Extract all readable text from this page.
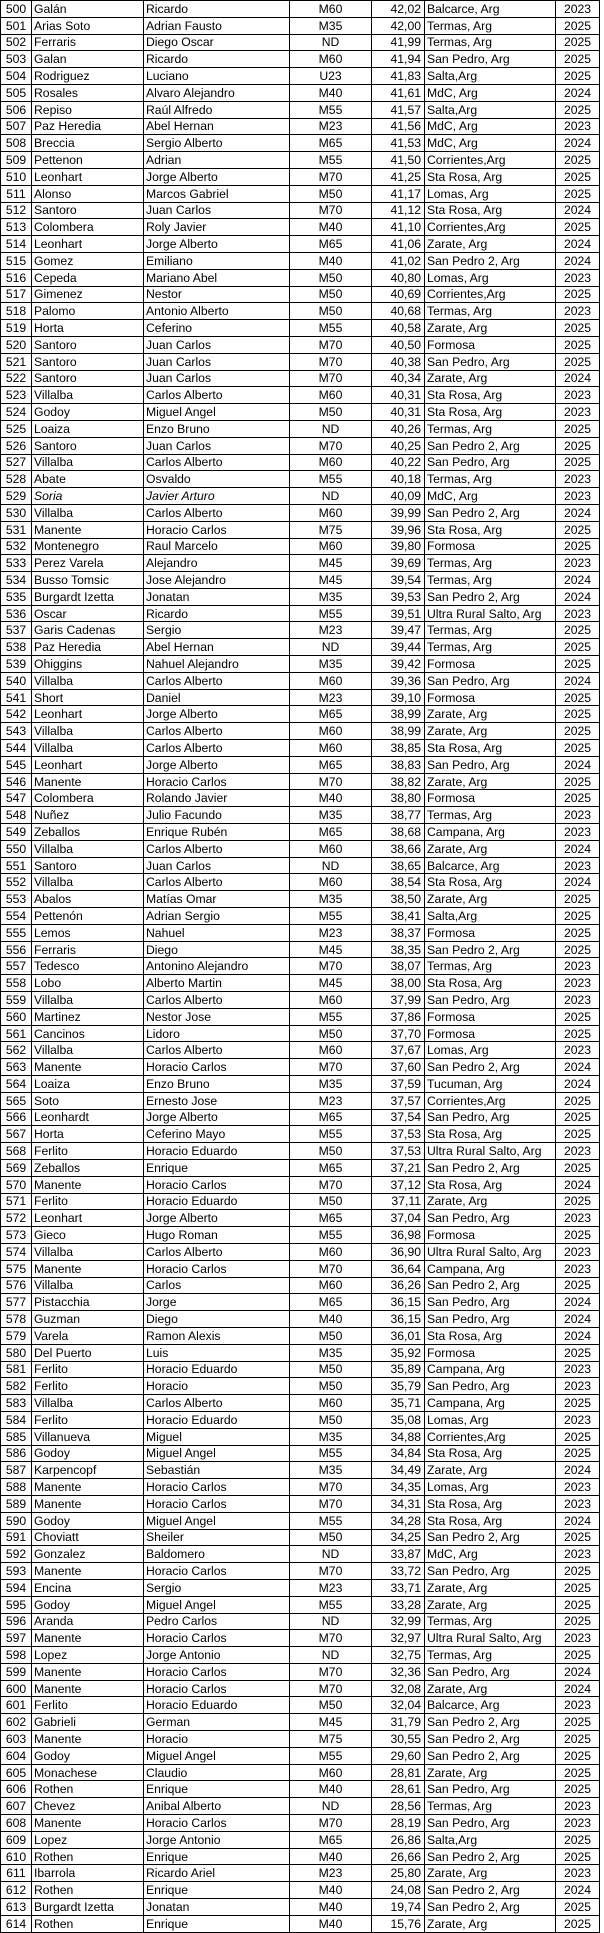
500	Galán	Ricardo	M60	42,02	Balcarce, Arg	2023
501	Arias Soto	Adrian Fausto	M35	42,00	Termas, Arg	2025
502	Ferraris	Diego Oscar	ND	41,99	Termas, Arg	2025
503	Galan	Ricardo	M60	41,94	San Pedro, Arg	2025
504	Rodriguez	Luciano	U23	41,83	Salta,Arg	2025
505	Rosales	Alvaro Alejandro	M40	41,61	MdC, Arg	2024
506	Repiso	Raúl Alfredo	M55	41,57	Salta,Arg	2025
507	Paz Heredia	Abel Hernan	M23	41,56	MdC, Arg	2023
508	Breccia	Sergio Alberto	M65	41,53	MdC, Arg	2024
509	Pettenon	Adrian	M55	41,50	Corrientes,Arg	2025
510	Leonhart	Jorge Alberto	M70	41,25	Sta Rosa, Arg	2025
511	Alonso	Marcos Gabriel	M50	41,17	Lomas, Arg	2025
512	Santoro	Juan Carlos	M70	41,12	Sta Rosa, Arg	2024
513	Colombera	Roly Javier	M40	41,10	Corrientes,Arg	2025
514	Leonhart	Jorge Alberto	M65	41,06	Zarate, Arg	2024
515	Gomez	Emiliano	M40	41,02	San Pedro 2, Arg	2024
516	Cepeda	Mariano Abel	M50	40,80	Lomas, Arg	2023
517	Gimenez	Nestor	M50	40,69	Corrientes,Arg	2025
518	Palomo	Antonio Alberto	M50	40,68	Termas, Arg	2023
519	Horta	Ceferino	M55	40,58	Zarate, Arg	2025
520	Santoro	Juan Carlos	M70	40,50	Formosa	2025
521	Santoro	Juan Carlos	M70	40,38	San Pedro, Arg	2025
522	Santoro	Juan Carlos	M70	40,34	Zarate, Arg	2024
523	Villalba	Carlos Alberto	M60	40,31	Sta Rosa, Arg	2023
524	Godoy	Miguel Angel	M50	40,31	Sta Rosa, Arg	2023
525	Loaiza	Enzo Bruno	ND	40,26	Termas, Arg	2025
526	Santoro	Juan Carlos	M70	40,25	San Pedro 2, Arg	2025
527	Villalba	Carlos Alberto	M60	40,22	San Pedro, Arg	2025
528	Abate	Osvaldo	M55	40,18	Termas, Arg	2023
529	Soria	Javier Arturo	ND	40,09	MdC, Arg	2023
530	Villalba	Carlos Alberto	M60	39,99	San Pedro 2, Arg	2024
531	Manente	Horacio Carlos	M75	39,96	Sta Rosa, Arg	2025
532	Montenegro	Raul Marcelo	M60	39,80	Formosa	2025
533	Perez Varela	Alejandro	M45	39,69	Termas, Arg	2023
534	Busso Tomsic	Jose Alejandro	M45	39,54	Termas, Arg	2024
535	Burgardt Izetta	Jonatan	M35	39,53	San Pedro 2, Arg	2024
536	Oscar	Ricardo	M55	39,51	Ultra Rural Salto, Arg	2023
537	Garis Cadenas	Sergio	M23	39,47	Termas, Arg	2025
538	Paz Heredia	Abel Hernan	ND	39,44	Termas, Arg	2025
539	Ohiggins	Nahuel Alejandro	M35	39,42	Formosa	2025
540	Villalba	Carlos Alberto	M60	39,36	San Pedro, Arg	2024
541	Short	Daniel	M23	39,10	Formosa	2025
542	Leonhart	Jorge Alberto	M65	38,99	Zarate, Arg	2025
543	Villalba	Carlos Alberto	M60	38,99	Zarate, Arg	2025
544	Villalba	Carlos Alberto	M60	38,85	Sta Rosa, Arg	2025
545	Leonhart	Jorge Alberto	M65	38,83	San Pedro, Arg	2024
546	Manente	Horacio Carlos	M70	38,82	Zarate, Arg	2025
547	Colombera	Rolando Javier	M40	38,80	Formosa	2025
548	Nuñez	Julio Facundo	M35	38,77	Termas, Arg	2023
549	Zeballos	Enrique Rubén	M65	38,68	Campana, Arg	2023
550	Villalba	Carlos Alberto	M60	38,66	Zarate, Arg	2024
551	Santoro	Juan Carlos	ND	38,65	Balcarce, Arg	2023
552	Villalba	Carlos Alberto	M60	38,54	Sta Rosa, Arg	2024
553	Abalos	Matías Omar	M35	38,50	Zarate, Arg	2025
554	Pettenón	Adrian Sergio	M55	38,41	Salta,Arg	2025
555	Lemos	Nahuel	M23	38,37	Formosa	2025
556	Ferraris	Diego	M45	38,35	San Pedro 2, Arg	2025
557	Tedesco	Antonino Alejandro	M70	38,07	Termas, Arg	2023
558	Lobo	Alberto Martin	M45	38,00	Sta Rosa, Arg	2023
559	Villalba	Carlos Alberto	M60	37,99	San Pedro, Arg	2023
560	Martinez	Nestor Jose	M55	37,86	Formosa	2025
561	Cancinos	Lidoro	M50	37,70	Formosa	2025
562	Villalba	Carlos Alberto	M60	37,67	Lomas, Arg	2023
563	Manente	Horacio Carlos	M70	37,60	San Pedro 2, Arg	2024
564	Loaiza	Enzo Bruno	M35	37,59	Tucuman, Arg	2024
565	Soto	Ernesto Jose	M23	37,57	Corrientes,Arg	2025
566	Leonhardt	Jorge Alberto	M65	37,54	San Pedro, Arg	2025
567	Horta	Ceferino Mayo	M55	37,53	Sta Rosa, Arg	2025
568	Ferlito	Horacio Eduardo	M50	37,53	Ultra Rural Salto, Arg	2023
569	Zeballos	Enrique	M65	37,21	San Pedro 2, Arg	2025
570	Manente	Horacio Carlos	M70	37,12	Sta Rosa, Arg	2024
571	Ferlito	Horacio Eduardo	M50	37,11	Zarate, Arg	2025
572	Leonhart	Jorge Alberto	M65	37,04	San Pedro, Arg	2023
573	Gieco	Hugo Roman	M55	36,98	Formosa	2025
574	Villalba	Carlos Alberto	M60	36,90	Ultra Rural Salto, Arg	2023
575	Manente	Horacio Carlos	M70	36,64	Campana, Arg	2023
576	Villalba	Carlos	M60	36,26	San Pedro 2, Arg	2025
577	Pistacchia	Jorge	M65	36,15	San Pedro, Arg	2024
578	Guzman	Diego	M40	36,15	San Pedro, Arg	2024
579	Varela	Ramon Alexis	M50	36,01	Sta Rosa, Arg	2024
580	Del Puerto	Luis	M35	35,92	Formosa	2025
581	Ferlito	Horacio Eduardo	M50	35,89	Campana, Arg	2023
582	Ferlito	Horacio	M50	35,79	San Pedro, Arg	2023
583	Villalba	Carlos Alberto	M60	35,71	Campana, Arg	2025
584	Ferlito	Horacio Eduardo	M50	35,08	Lomas, Arg	2023
585	Villanueva	Miguel	M35	34,88	Corrientes,Arg	2025
586	Godoy	Miguel Angel	M55	34,84	Sta Rosa, Arg	2025
587	Karpencopf	Sebastián	M35	34,49	Zarate, Arg	2024
588	Manente	Horacio Carlos	M70	34,35	Lomas, Arg	2023
589	Manente	Horacio Carlos	M70	34,31	Sta Rosa, Arg	2023
590	Godoy	Miguel Angel	M55	34,28	Sta Rosa, Arg	2024
591	Choviatt	Sheiler	M50	34,25	San Pedro 2, Arg	2025
592	Gonzalez	Baldomero	ND	33,87	MdC, Arg	2023
593	Manente	Horacio Carlos	M70	33,72	San Pedro, Arg	2025
594	Encina	Sergio	M23	33,71	Zarate, Arg	2025
595	Godoy	Miguel Angel	M55	33,28	Zarate, Arg	2025
596	Aranda	Pedro Carlos	ND	32,99	Termas, Arg	2025
597	Manente	Horacio Carlos	M70	32,97	Ultra Rural Salto, Arg	2023
598	Lopez	Jorge Antonio	ND	32,75	Termas, Arg	2025
599	Manente	Horacio Carlos	M70	32,36	San Pedro, Arg	2024
600	Manente	Horacio Carlos	M70	32,08	Zarate, Arg	2024
601	Ferlito	Horacio Eduardo	M50	32,04	Balcarce, Arg	2023
602	Gabrieli	German	M45	31,79	San Pedro 2, Arg	2025
603	Manente	Horacio	M75	30,55	San Pedro 2, Arg	2025
604	Godoy	Miguel Angel	M55	29,60	San Pedro 2, Arg	2025
605	Monachese	Claudio	M60	28,81	Zarate, Arg	2025
606	Rothen	Enrique	M40	28,61	San Pedro, Arg	2025
607	Chevez	Anibal Alberto	ND	28,56	Termas, Arg	2023
608	Manente	Horacio Carlos	M70	28,19	San Pedro, Arg	2023
609	Lopez	Jorge Antonio	M65	26,86	Salta,Arg	2025
610	Rothen	Enrique	M40	26,66	San Pedro 2, Arg	2025
611	Ibarrola	Ricardo Ariel	M23	25,80	Zarate, Arg	2023
612	Rothen	Enrique	M40	24,08	San Pedro 2, Arg	2024
613	Burgardt Izetta	Jonatan	M40	19,74	San Pedro 2, Arg	2025
614	Rothen	Enrique	M40	15,76	Zarate, Arg	2025
